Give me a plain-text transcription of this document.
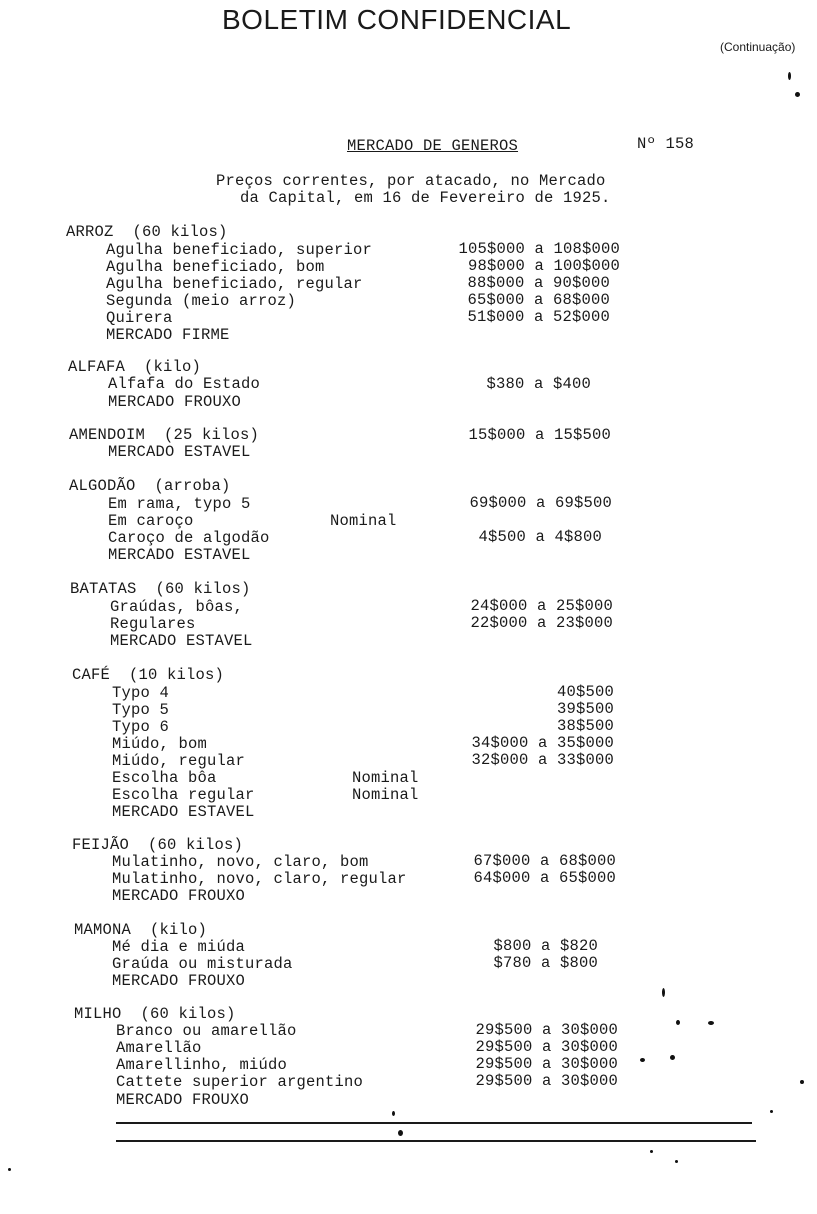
BOLETIM CONFIDENCIAL
(Continuação)
MERCADO DE GENEROS	Nº 158
Preços correntes, por atacado, no Mercado
da Capital, em 16 de Fevereiro de 1925.
ARROZ  (60 kilos)
Agulha beneficiado, superior	105$000 a 108$000
Agulha beneficiado, bom	98$000 a 100$000
Agulha beneficiado, regular	88$000 a 90$000
Segunda (meio arroz)	65$000 a 68$000
Quirera	51$000 a 52$000
MERCADO FIRME
ALFAFA  (kilo)
Alfafa do Estado	$380 a $400
MERCADO FROUXO
AMENDOIM  (25 kilos)	15$000 a 15$500
MERCADO ESTAVEL
ALGODÃO  (arroba)
Em rama, typo 5	69$000 a 69$500
Em caroço	Nominal
Caroço de algodão	4$500 a 4$800
MERCADO ESTAVEL
BATATAS  (60 kilos)
Graúdas, bôas,	24$000 a 25$000
Regulares	22$000 a 23$000
MERCADO ESTAVEL
CAFÉ  (10 kilos)
Typo 4	40$500
Typo 5	39$500
Typo 6	38$500
Miúdo, bom	34$000 a 35$000
Miúdo, regular	32$000 a 33$000
Escolha bôa	Nominal
Escolha regular	Nominal
MERCADO ESTAVEL
FEIJÃO  (60 kilos)
Mulatinho, novo, claro, bom	67$000 a 68$000
Mulatinho, novo, claro, regular	64$000 a 65$000
MERCADO FROUXO
MAMONA  (kilo)
Mé dia e miúda	$800 a $820
Graúda ou misturada	$780 a $800
MERCADO FROUXO
MILHO  (60 kilos)
Branco ou amarellão	29$500 a 30$000
Amarellão	29$500 a 30$000
Amarellinho, miúdo	29$500 a 30$000
Cattete superior argentino	29$500 a 30$000
MERCADO FROUXO
